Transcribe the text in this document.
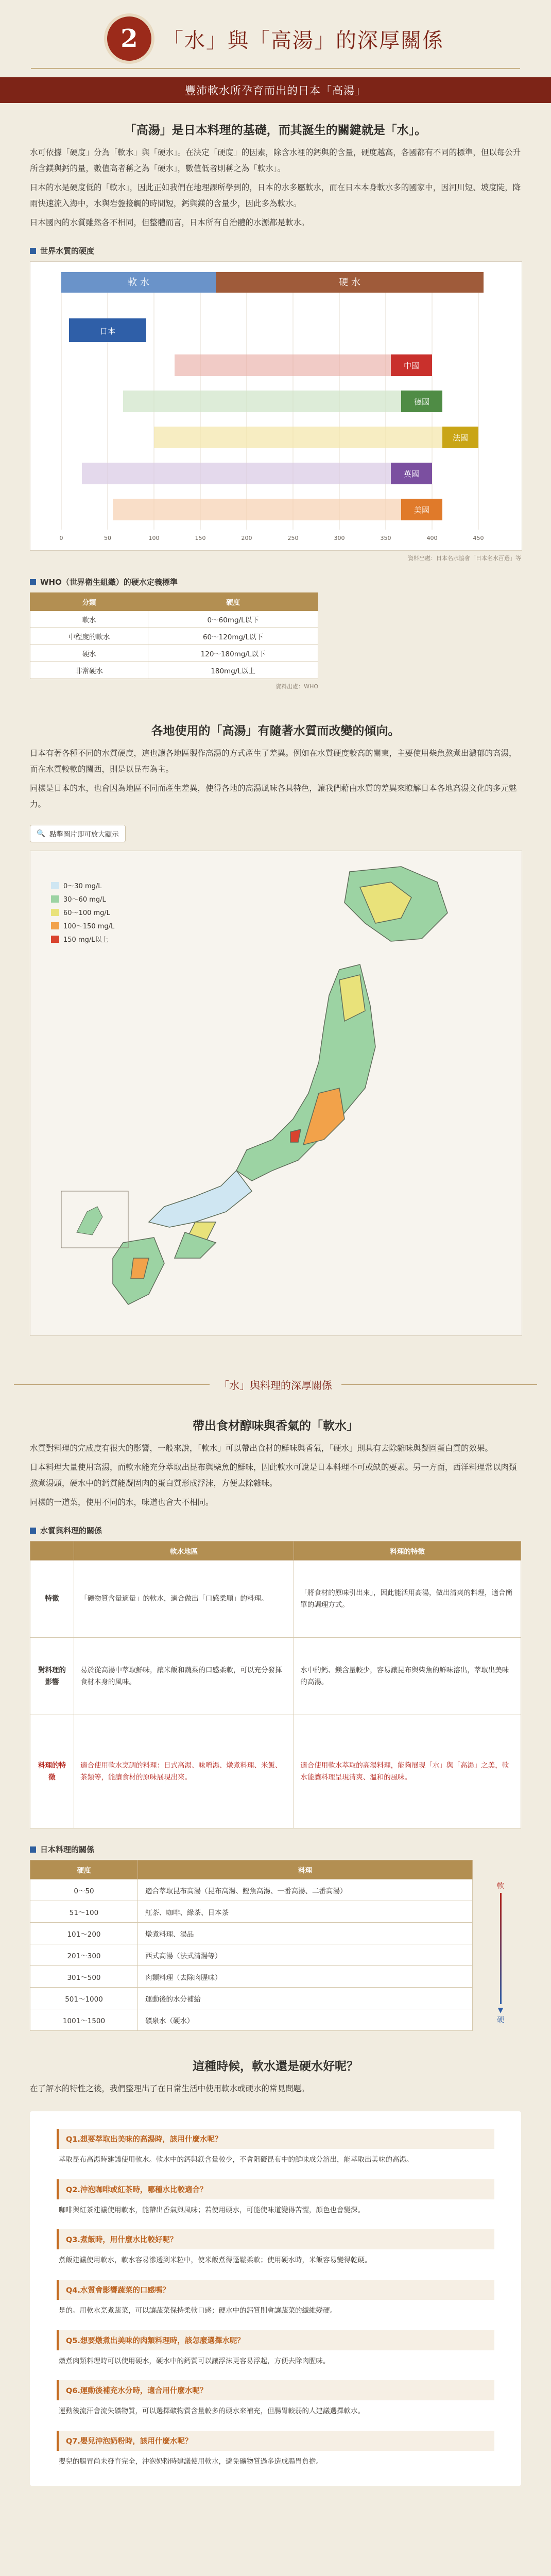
2	「水」與「高湯」的深厚關係
豐沛軟水所孕育而出的日本「高湯」
「高湯」是日本料理的基礎，而其誕生的關鍵就是「水」。

水可依據「硬度」分為「軟水」與「硬水」。在決定「硬度」的因素，除含水裡的鈣與的含量，硬度越高，各國都有不同的標準，但以每公升所含鎂與鈣的量，數值高者稱之為「硬水」，數值低者則稱之為「軟水」。

日本的水是硬度低的「軟水」，因此正如我們在地理課所學到的，日本的水多屬軟水，而在日本本身軟水多的國家中，因河川短、坡度陡，降雨快速流入海中，水與岩盤接觸的時間短，鈣與鎂的含量少，因此多為軟水。

日本國內的水質雖然各不相同，但整體而言，日本所有自治體的水源都是軟水。

世界水質的硬度
軟 水	硬 水
日本
中國
德國
法國
英國
美國
0	50	100	150	200	250	300	350	400	450
資料出處：日本名水協會「日本名水百選」等
WHO（世界衛生組織）的硬水定義標準
分類	硬度
軟水	0～60mg/L以下
中程度的軟水	60～120mg/L以下
硬水	120～180mg/L以下
非常硬水	180mg/L以上
資料出處：WHO
各地使用的「高湯」有隨著水質而改變的傾向。

日本有著各種不同的水質硬度，這也讓各地區製作高湯的方式產生了差異。例如在水質硬度較高的關東，主要使用柴魚熬煮出濃郁的高湯，而在水質較軟的關西，則是以昆布為主。

同樣是日本的水，也會因為地區不同而產生差異，使得各地的高湯風味各具特色，讓我們藉由水質的差異來瞭解日本各地高湯文化的多元魅力。

🔍 點擊圖片即可放大顯示
0～30 mg/L
30～60 mg/L
60～100 mg/L
100～150 mg/L
150 mg/L以上
「水」與料理的深厚關係
帶出食材醇味與香氣的「軟水」

水質對料理的完成度有很大的影響，一般來說，「軟水」可以帶出食材的鮮味與香氣，「硬水」則具有去除雜味與凝固蛋白質的效果。

日本料理大量使用高湯，而軟水能充分萃取出昆布與柴魚的鮮味，因此軟水可說是日本料理不可或缺的要素。另一方面，西洋料理常以肉類熬煮湯頭，硬水中的鈣質能凝固肉的蛋白質形成浮沫，方便去除雜味。

同樣的一道菜，使用不同的水，味道也會大不相同。

水質與料理的關係
	軟水地區	料理的特徵
特徵	「礦物質含量適量」的軟水，適合做出「口感柔順」的料理。	「將食材的原味引出來」，因此能活用高湯，做出清爽的料理，適合簡單的調理方式。
對料理的影響	易於從高湯中萃取鮮味，讓米飯和蔬菜的口感柔軟，可以充分發揮食材本身的風味。	水中的鈣、鎂含量較少，容易讓昆布與柴魚的鮮味溶出，萃取出美味的高湯。
料理的特徵	適合使用軟水烹調的料理：日式高湯、味噌湯、燉煮料理、米飯、茶類等，能讓食材的原味展現出來。	適合使用軟水萃取的高湯料理，能夠展現「水」與「高湯」之美，軟水能讓料理呈現清爽、溫和的風味。
日本料理的關係
硬度	料理
0～50	適合萃取昆布高湯（昆布高湯、鰹魚高湯、一番高湯、二番高湯）
51～100	紅茶、咖啡、綠茶、日本茶
101～200	燉煮料理、湯品
201～300	西式高湯（法式清湯等）
301～500	肉類料理（去除肉腥味）
501～1000	運動後的水分補給
1001～1500	礦泉水（硬水）
軟
▼
硬
這種時候，軟水還是硬水好呢？

在了解水的特性之後，我們整理出了在日常生活中使用軟水或硬水的常見問題。

Q1.想要萃取出美味的高湯時，該用什麼水呢？
萃取昆布高湯時建議使用軟水。軟水中的鈣與鎂含量較少，不會阻礙昆布中的鮮味成分溶出，能萃取出美味的高湯。
Q2.沖泡咖啡或紅茶時，哪種水比較適合？
咖啡與紅茶建議使用軟水，能帶出香氣與風味；若使用硬水，可能使味道變得苦澀，顏色也會變深。
Q3.煮飯時，用什麼水比較好呢？
煮飯建議使用軟水，軟水容易滲透到米粒中，使米飯煮得蓬鬆柔軟；使用硬水時，米飯容易變得乾硬。
Q4.水質會影響蔬菜的口感嗎？
是的。用軟水烹煮蔬菜，可以讓蔬菜保持柔軟口感；硬水中的鈣質則會讓蔬菜的纖維變硬。
Q5.想要燉煮出美味的肉類料理時，該怎麼選擇水呢？
燉煮肉類料理時可以使用硬水，硬水中的鈣質可以讓浮沫更容易浮起，方便去除肉腥味。
Q6.運動後補充水分時，適合用什麼水呢？
運動後流汗會流失礦物質，可以選擇礦物質含量較多的硬水來補充，但腸胃較弱的人建議選擇軟水。
Q7.嬰兒沖泡奶粉時，該用什麼水呢？
嬰兒的腸胃尚未發育完全，沖泡奶粉時建議使用軟水，避免礦物質過多造成腸胃負擔。
